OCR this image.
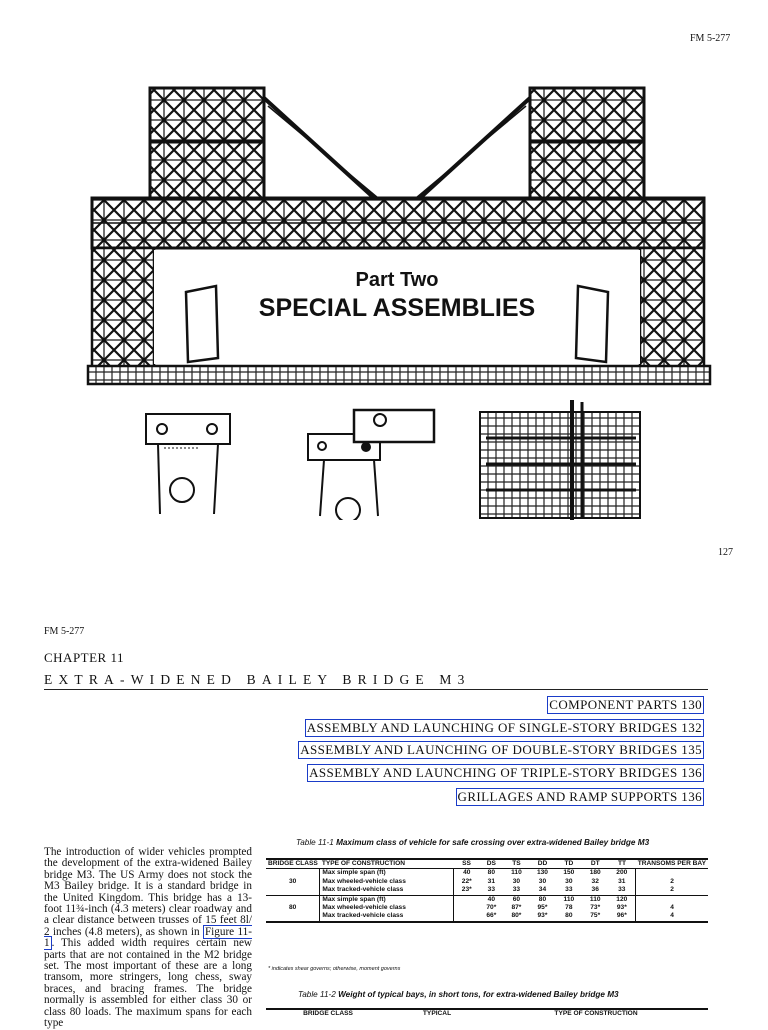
FM 5-277
Part Two
SPECIAL ASSEMBLIES
127
FM 5-277
CHAPTER 11
EXTRA-WIDENED BAILEY BRIDGE M3
COMPONENT PARTS 130
ASSEMBLY AND LAUNCHING OF SINGLE-STORY BRIDGES 132
ASSEMBLY AND LAUNCHING OF DOUBLE-STORY BRIDGES 135
ASSEMBLY AND LAUNCHING OF TRIPLE-STORY BRIDGES 136
GRILLAGES AND RAMP SUPPORTS 136
The introduction of wider vehicles prompted the development of the extra-widened Bailey bridge M3. The US Army does not stock the M3 Bailey bridge. It is a standard bridge in the United Kingdom. This bridge has a 13-foot 11¾-inch (4.3 meters) clear roadway and a clear distance between trusses of 15 feet 8l/ 2 inches (4.8 meters), as shown in Figure 11-1 . This added width requires certain new parts that are not contained in the M2 bridge set. The most important of these are a long transom, more stringers, long chess, sway braces, and bracing frames. The bridge normally is assembled for either class 30 or class 80 loads. The maximum spans for each type
Table 11-1 Maximum class of vehicle for safe crossing over extra-widened Bailey bridge M3
BRIDGE CLASS	TYPE OF CONSTRUCTION	SS	DS	TS	DD	TD	DT	TT	TRANSOMS PER BAY
	Max simple span (ft)	40	80	110	130	150	180	200	
30	Max wheeled-vehicle class	22*	31	30	30	30	32	31	2
	Max tracked-vehicle class	23*	33	33	34	33	36	33	2
	Max simple span (ft)		40	60	80	110	110	120	
80	Max wheeled-vehicle class		70*	87*	95*	78	73*	93*	4
	Max tracked-vehicle class		66*	80*	93*	80	75*	96*	4
* indicates shear governs; otherwise, moment governs
Table 11-2 Weight of typical bays, in short tons, for extra-widened Bailey bridge M3
BRIDGE CLASS	TYPICAL	TYPE OF CONSTRUCTION
